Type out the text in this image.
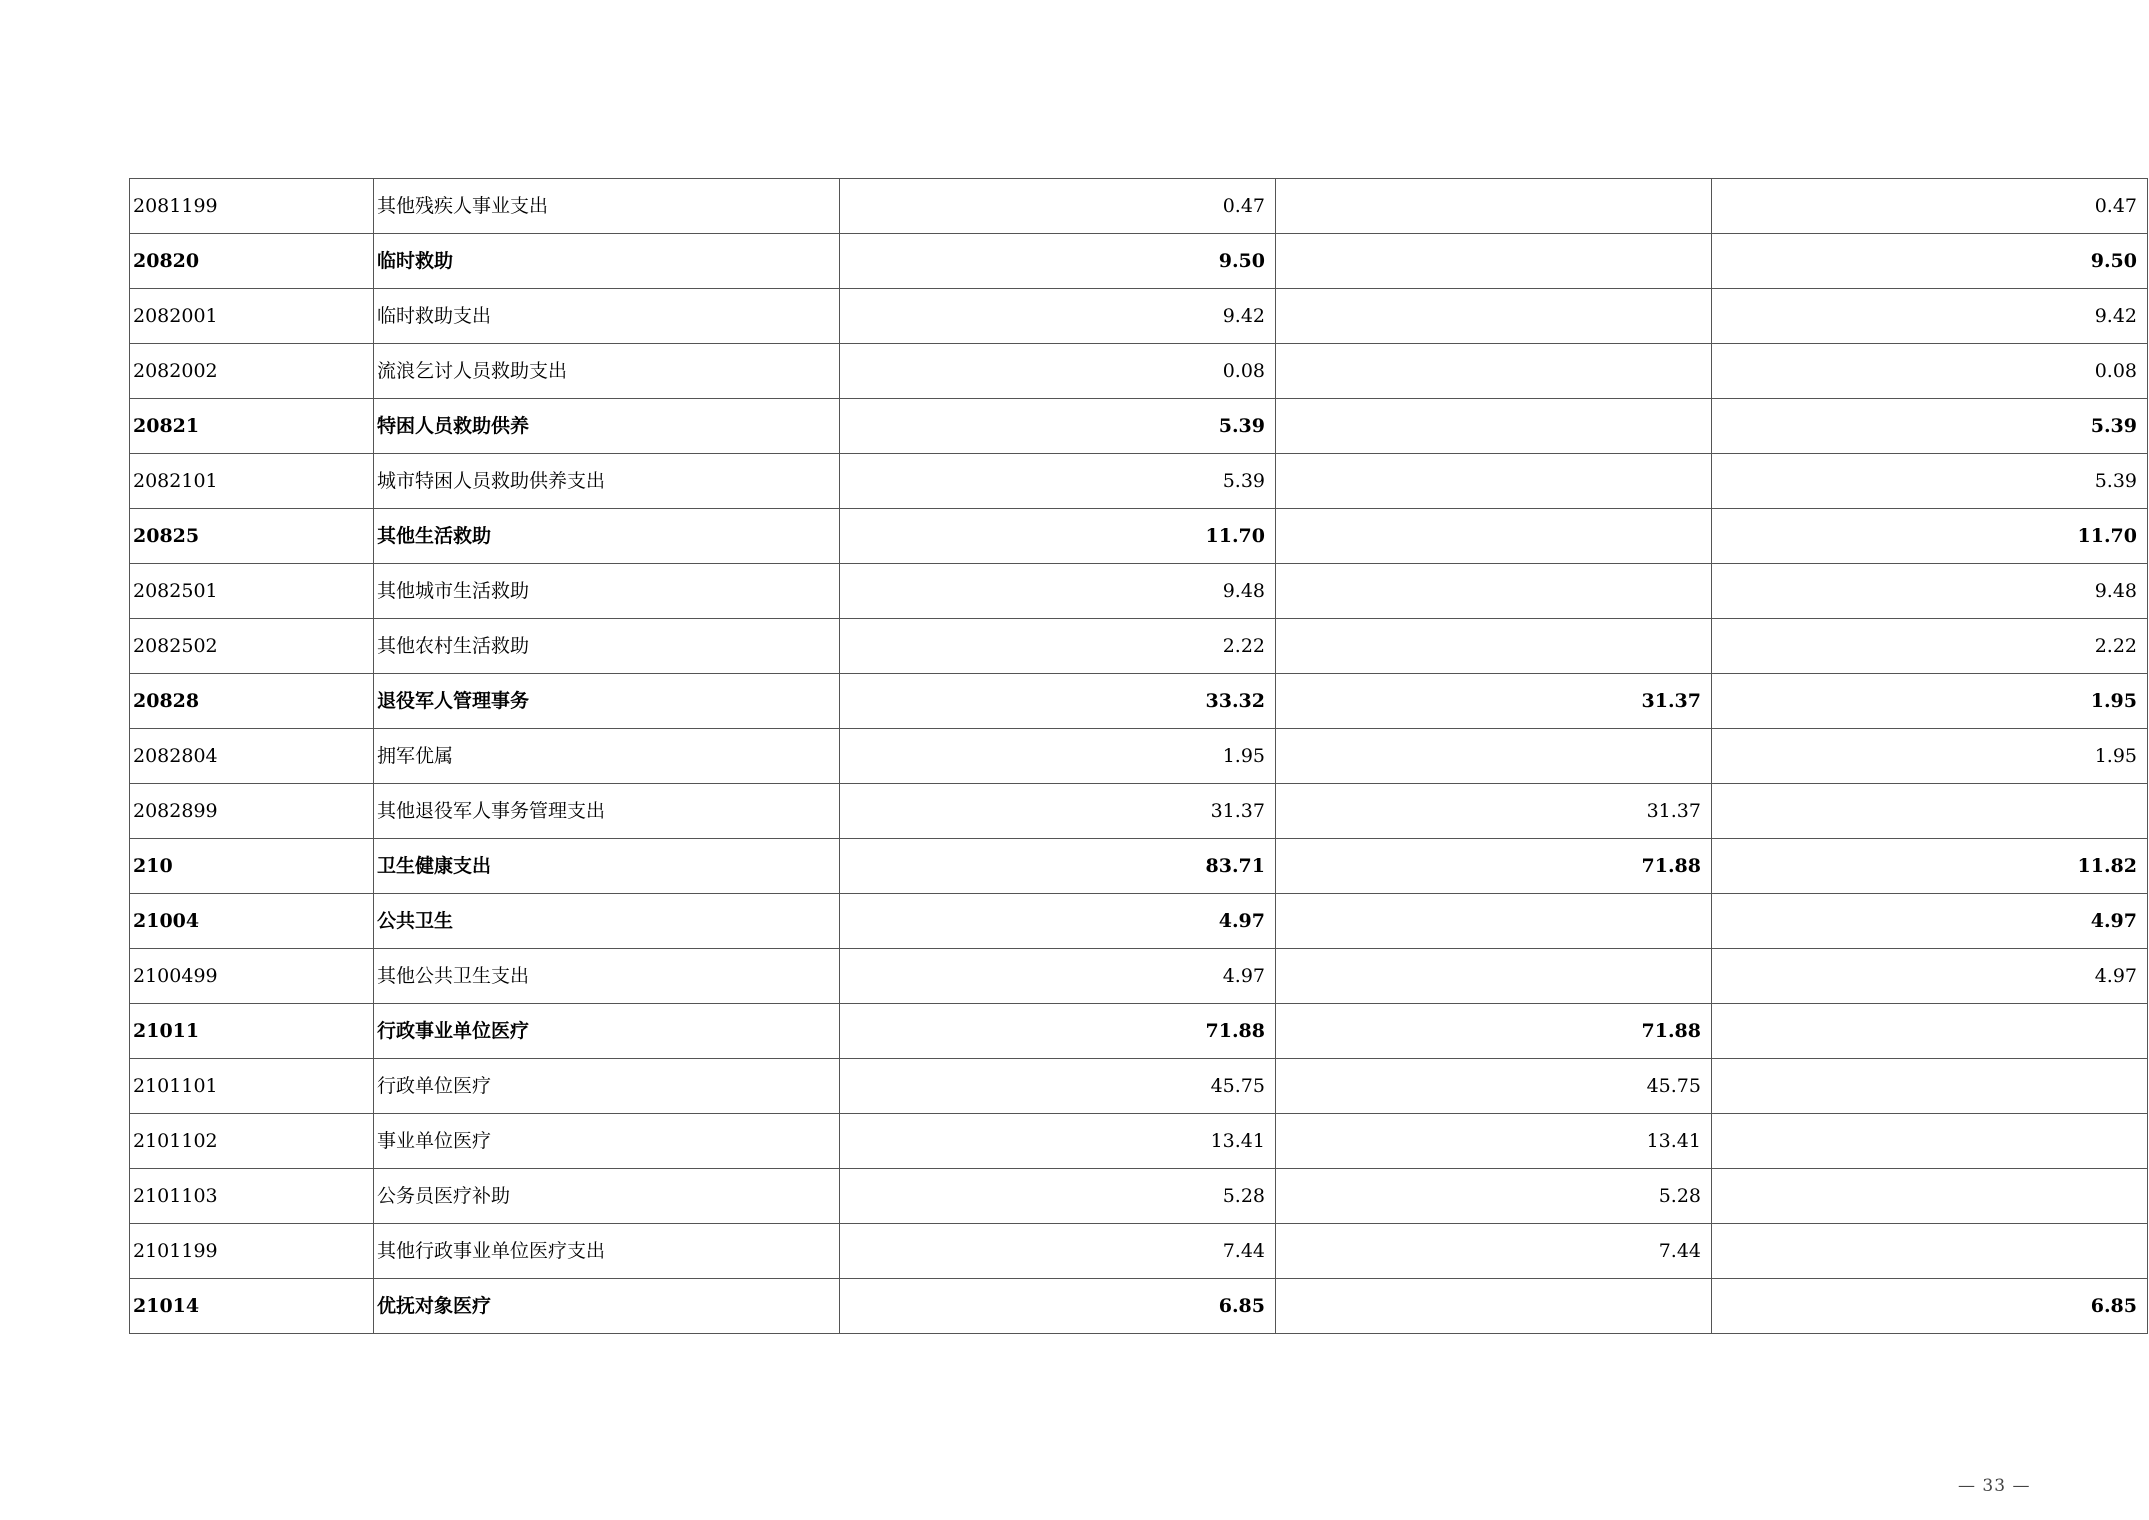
2081199	其他残疾人事业支出	0.47		0.47
20820	临时救助	9.50		9.50
2082001	临时救助支出	9.42		9.42
2082002	流浪乞讨人员救助支出	0.08		0.08
20821	特困人员救助供养	5.39		5.39
2082101	城市特困人员救助供养支出	5.39		5.39
20825	其他生活救助	11.70		11.70
2082501	其他城市生活救助	9.48		9.48
2082502	其他农村生活救助	2.22		2.22
20828	退役军人管理事务	33.32	31.37	1.95
2082804	拥军优属	1.95		1.95
2082899	其他退役军人事务管理支出	31.37	31.37	
210	卫生健康支出	83.71	71.88	11.82
21004	公共卫生	4.97		4.97
2100499	其他公共卫生支出	4.97		4.97
21011	行政事业单位医疗	71.88	71.88	
2101101	行政单位医疗	45.75	45.75	
2101102	事业单位医疗	13.41	13.41	
2101103	公务员医疗补助	5.28	5.28	
2101199	其他行政事业单位医疗支出	7.44	7.44	
21014	优抚对象医疗	6.85		6.85
— 33 —
